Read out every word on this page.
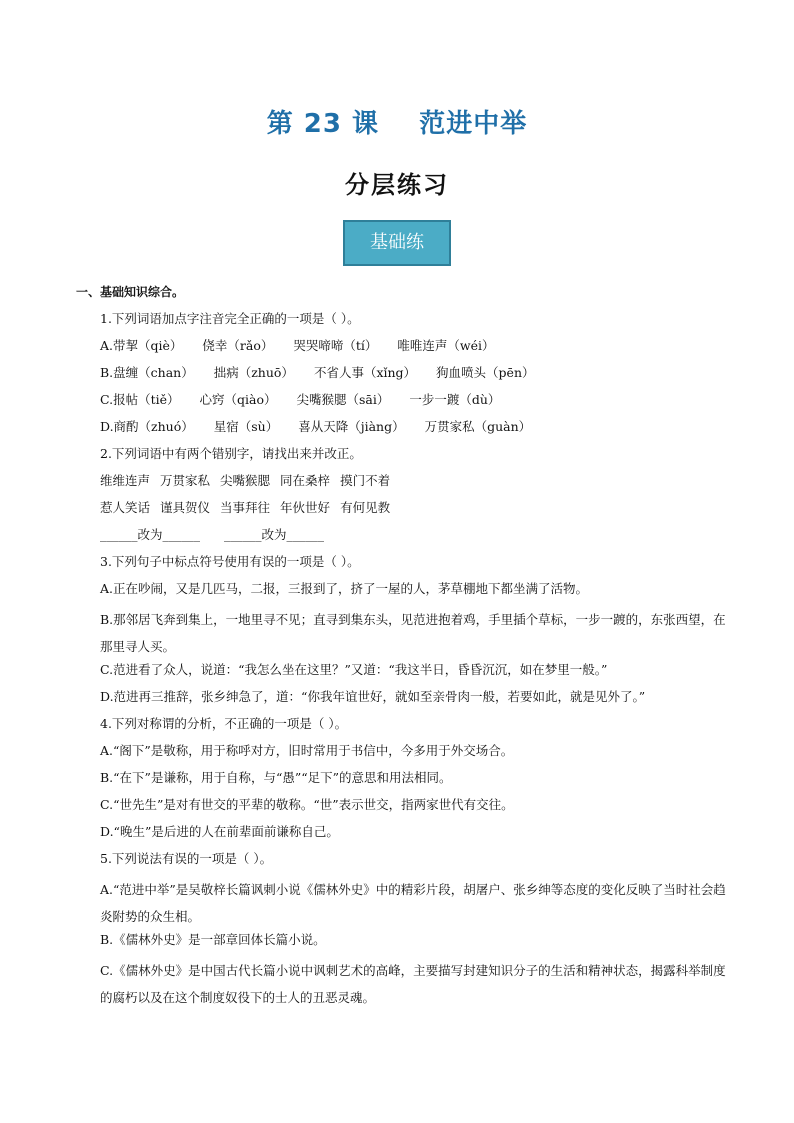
第 23 课    范进中举
分层练习
基础练
一、基础知识综合。
1.下列词语加点字注音完全正确的一项是（ ）。
A.带挈（qiè） 侥幸（rǎo） 哭哭啼啼（tí） 唯唯连声（wéi）
B.盘缠（chan） 拙病（zhuō） 不省人事（xǐng） 狗血喷头（pēn）
C.报帖（tiě） 心窍（qiào） 尖嘴猴腮（sāi） 一步一踱（dù）
D.商酌（zhuó） 星宿（sù） 喜从天降（jiàng） 万贯家私（guàn）
2.下列词语中有两个错别字，请找出来并改正。
维维连声 万贯家私 尖嘴猴腮 同在桑梓 摸门不着
惹人笑话 谨具贺仪 当事拜往 年伙世好 有何见教
______改为______ ______改为______
3.下列句子中标点符号使用有误的一项是（ ）。
A.正在吵闹，又是几匹马，二报，三报到了，挤了一屋的人，茅草棚地下都坐满了活物。
B.那邻居飞奔到集上，一地里寻不见；直寻到集东头，见范进抱着鸡，手里插个草标，一步一踱的，东张西望，在那里寻人买。
C.范进看了众人，说道：“我怎么坐在这里？”又道：“我这半日，昏昏沉沉，如在梦里一般。”
D.范进再三推辞，张乡绅急了，道：“你我年谊世好，就如至亲骨肉一般，若要如此，就是见外了。”
4.下列对称谓的分析，不正确的一项是（ ）。
A.“阁下”是敬称，用于称呼对方，旧时常用于书信中，今多用于外交场合。
B.“在下”是谦称，用于自称，与“愚”“足下”的意思和用法相同。
C.“世先生”是对有世交的平辈的敬称。“世”表示世交，指两家世代有交往。
D.“晚生”是后进的人在前辈面前谦称自己。
5.下列说法有误的一项是（ ）。
A.“范进中举”是吴敬梓长篇讽刺小说《儒林外史》中的精彩片段，胡屠户、张乡绅等态度的变化反映了当时社会趋炎附势的众生相。
B.《儒林外史》是一部章回体长篇小说。
C.《儒林外史》是中国古代长篇小说中讽刺艺术的高峰，主要描写封建知识分子的生活和精神状态，揭露科举制度的腐朽以及在这个制度奴役下的士人的丑恶灵魂。
